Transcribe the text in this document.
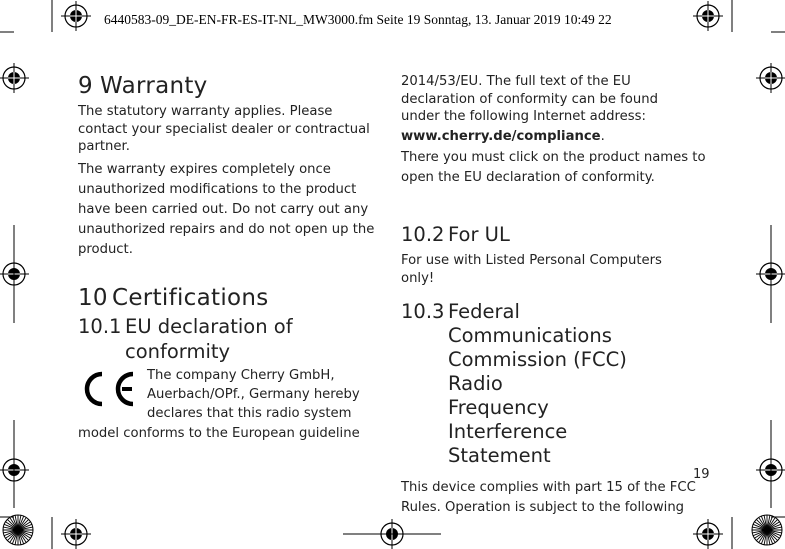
6440583-09_DE-EN-FR-ES-IT-NL_MW3000.fm Seite 19 Sonntag, 13. Januar 2019 10:49 22
9 Warranty

The statutory warranty applies. Please contact your specialist dealer or contractual partner.

The warranty expires completely once unauthorized modifications to the product have been carried out. Do not carry out any unauthorized repairs and do not open up the product.

10 Certifications
10.1 EU declaration of
conformity
CE	The company Cherry GmbH,

Auerbach/OPf., Germany hereby

declares that this radio system

model conforms to the European guideline

2014/53/EU. The full text of the EU

declaration of conformity can be found

under the following Internet address:

www.cherry.de/compliance.

There you must click on the product names to open the EU declaration of conformity.

10.2 For UL

For use with Listed Personal Computers only!

10.3 Federal Communications
Commission (FCC) Radio
Frequency Interference
Statement

This device complies with part 15 of the FCC Rules. Operation is subject to the following

19
